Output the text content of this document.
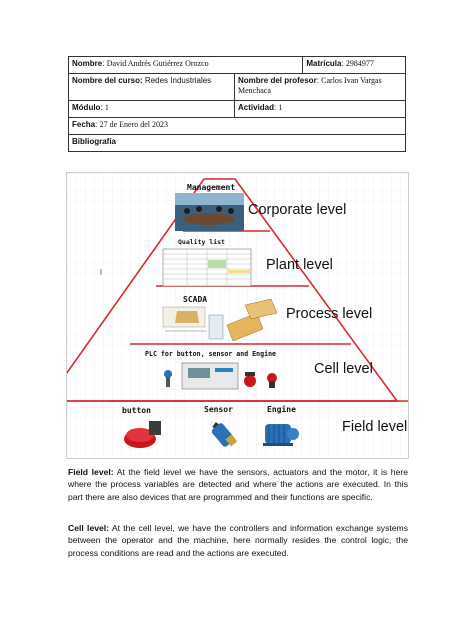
Nombre: David Andrés Gutiérrez Orozco		Matrícula: 2984977
Nombre del curso: Redes Industriales	Nombre del profesor: Carlos Ivan Vargas Menchaca	
Módulo: 1	Actividad: 1	
Fecha: 27 de Enero del 2023		
Bibliografía		
Management
Corporate level
Quality list
Plant level
SCADA
Process level
PLC for button, sensor and Engine
Cell level
button	Sensor	Engine
Field level

Field level: At the field level we have the sensors, actuators and the motor, it is here where the process variables are detected and where the actions are executed. In this part there are also devices that are programmed and their functions are specific.

Cell level: At the cell level, we have the controllers and information exchange systems between the operator and the machine, here normally resides the control logic, the process conditions are read and the actions are executed.
